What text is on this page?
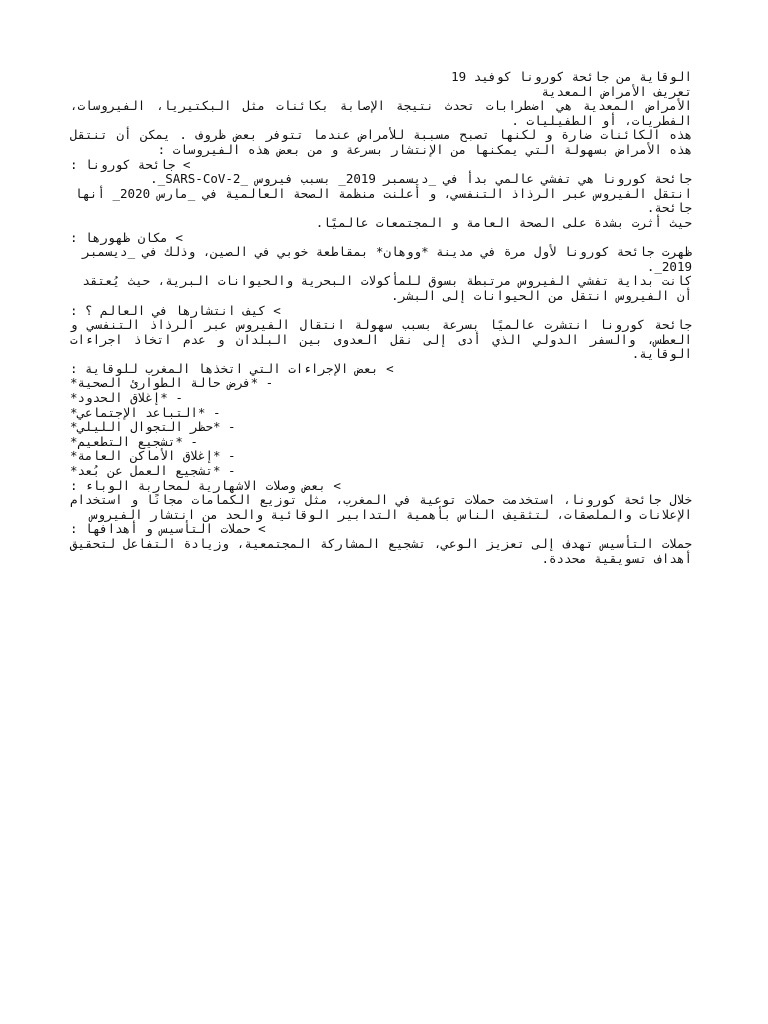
الوقاية من جائحة كورونا كوفيد 19
تعريف الأمراض المعدية
الأمراض المعدية هي اضطرابات تحدث نتيجة الإصابة بكائنات مثل البكتيريا، الفيروسات، الفطريات، أو الطفيليات .
هذه الكائنات ضارة و لكنها تصبح مسببة للأمراض عندما تتوفر بعض ظروف . يمكن أن تنتقل هذه الأمراض بسهولة التي يمكنها من الإنتشار بسرعة و من بعض هذه الفيروسات :
> جائحة كورونا :
جائحة كورونا هي تفشي عالمي بدأ في _ديسمبر 2019_ بسبب فيروس _SARS-CoV-2_.
انتقل الفيروس عبر الرذاذ التنفسي، و أعلنت منظمة الصحة العالمية في _مارس 2020_ أنها جائحة.
حيث أثرت بشدة على الصحة العامة و المجتمعات عالميًا.
> مكان ظهورها :
ظهرت جائحة كورونا لأول مرة في مدينة *ووهان* بمقاطعة خوبي في الصين، وذلك في _ديسمبر 2019_.
كانت بداية تفشي الفيروس مرتبطة بسوق للمأكولات البحرية والحيوانات البرية، حيث يُعتقد أن الفيروس انتقل من الحيوانات إلى البشر.
> كيف انتشارها في العالم ؟ :
جائحة كورونا انتشرت عالميًا بسرعة بسبب سهولة انتقال الفيروس عبر الرذاذ التنفسي و العطس، والسفر الدولي الذي أدى إلى نقل العدوى بين البلدان و عدم اتخاذ اجراءات الوقاية.
> بعض الإجراءات التي اتخذها المغرب للوقاية :
- *فرض حالة الطوارئ الصحية*
- *إغلاق الحدود*
- *التباعد الإجتماعي*
- *حظر التجوال الليلي*
- *تشجيع التطعيم*
- *إغلاق الأماكن العامة*
- *تشجيع العمل عن بُعد*
> بعض وصلات الاشهارية لمحاربة الوباء :
خلال جائحة كورونا، استخدمت حملات توعية في المغرب، مثل توزيع الكمامات مجانًا و استخدام الإعلانات والملصقات، لتثقيف الناس بأهمية التدابير الوقائية والحد من انتشار الفيروس
> حملات التأسيس و أهدافها :
حملات التأسيس تهدف إلى تعزيز الوعي، تشجيع المشاركة المجتمعية، وزيادة التفاعل لتحقيق أهداف تسويقية محددة.
